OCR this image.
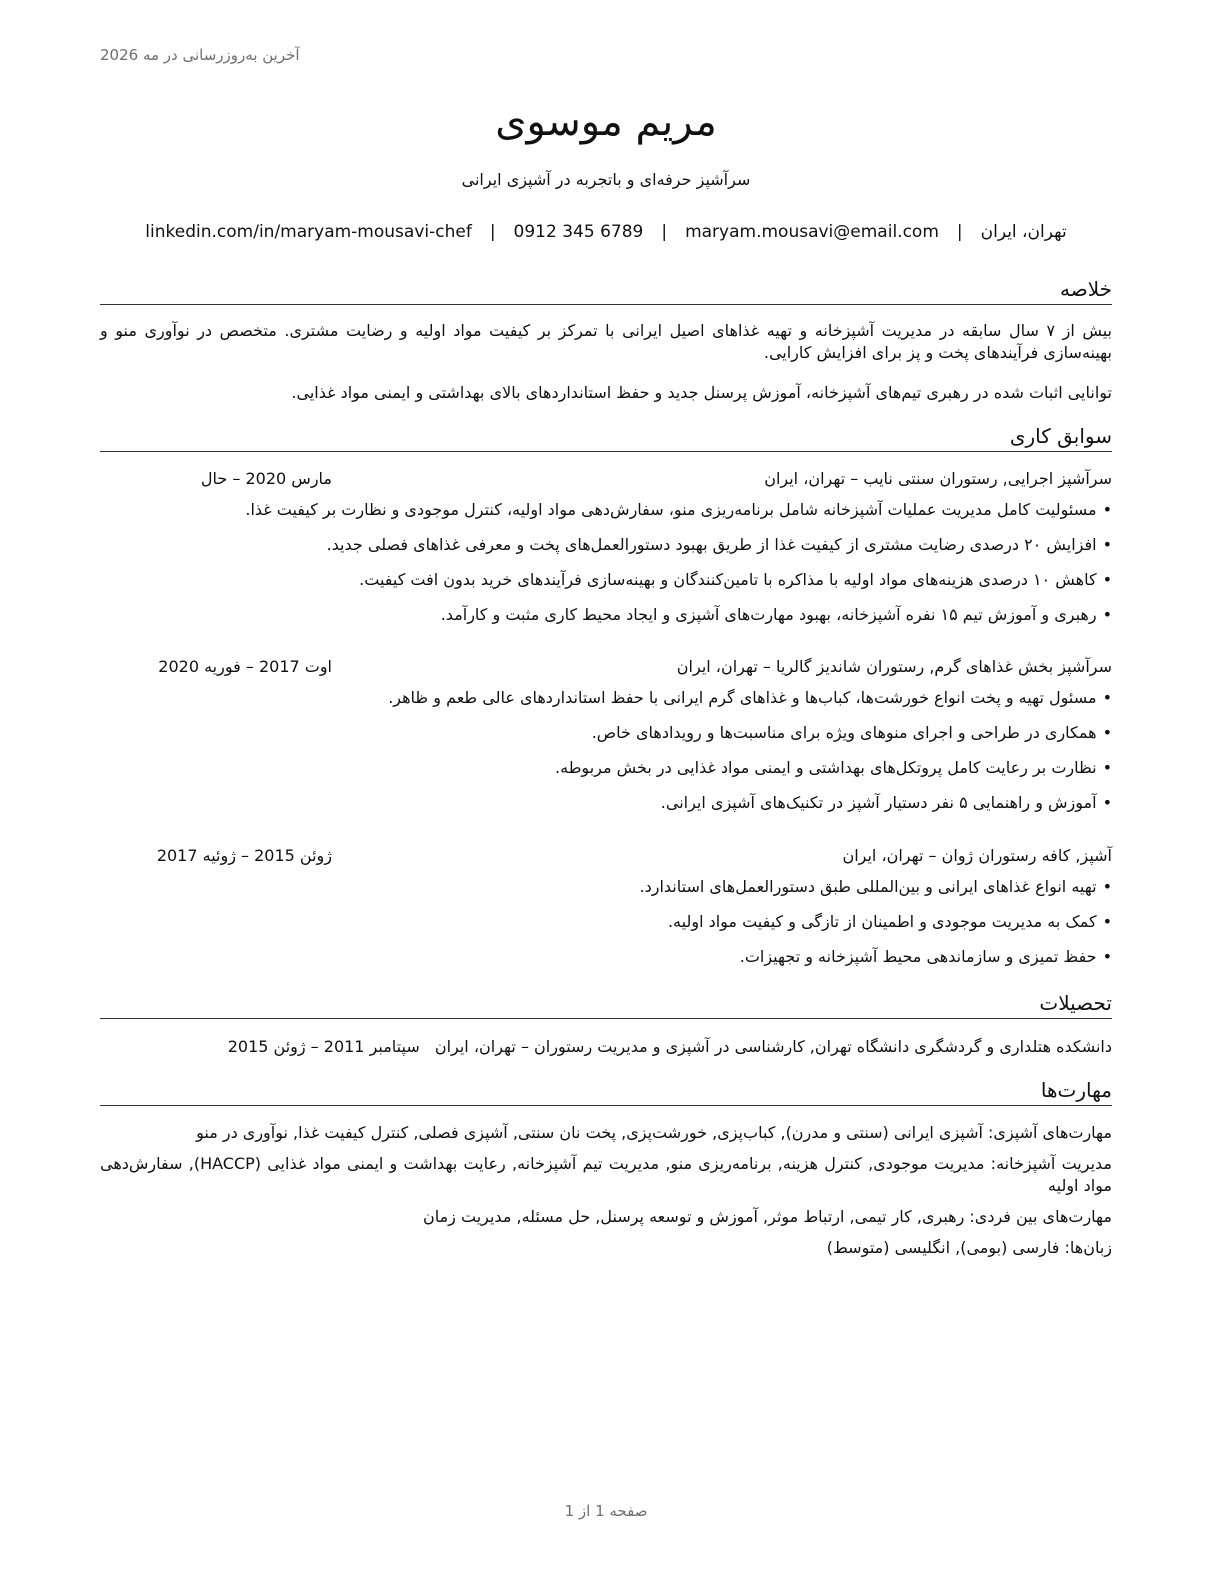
آخرین به‌روزرسانی در مه 2026
مریم موسوی
سرآشپز حرفه‌ای و باتجربه در آشپزی ایرانی
تهران، ایران
|
maryam.mousavi@email.com
|
0912 345 6789
|
linkedin.com/in/maryam-mousavi-chef
خلاصه
بیش از ۷ سال سابقه در مدیریت آشپزخانه و تهیه غذاهای اصیل ایرانی با تمرکز بر کیفیت مواد اولیه و رضایت مشتری. متخصص در نوآوری منو و بهینه‌سازی فرآیندهای پخت و پز برای افزایش کارایی.
توانایی اثبات شده در رهبری تیم‌های آشپزخانه، آموزش پرسنل جدید و حفظ استانداردهای بالای بهداشتی و ایمنی مواد غذایی.
سوابق کاری
سرآشپز اجرایی, رستوران سنتی نایب – تهران، ایران
مارس 2020 – حال
• مسئولیت کامل مدیریت عملیات آشپزخانه شامل برنامه‌ریزی منو، سفارش‌دهی مواد اولیه، کنترل موجودی و نظارت بر کیفیت غذا.
• افزایش ۲۰ درصدی رضایت مشتری از کیفیت غذا از طریق بهبود دستورالعمل‌های پخت و معرفی غذاهای فصلی جدید.
• کاهش ۱۰ درصدی هزینه‌های مواد اولیه با مذاکره با تامین‌کنندگان و بهینه‌سازی فرآیندهای خرید بدون افت کیفیت.
• رهبری و آموزش تیم ۱۵ نفره آشپزخانه، بهبود مهارت‌های آشپزی و ایجاد محیط کاری مثبت و کارآمد.
سرآشپز بخش غذاهای گرم, رستوران شاندیز گالریا – تهران، ایران
اوت 2017 – فوریه 2020
• مسئول تهیه و پخت انواع خورشت‌ها، کباب‌ها و غذاهای گرم ایرانی با حفظ استانداردهای عالی طعم و ظاهر.
• همکاری در طراحی و اجرای منوهای ویژه برای مناسبت‌ها و رویدادهای خاص.
• نظارت بر رعایت کامل پروتکل‌های بهداشتی و ایمنی مواد غذایی در بخش مربوطه.
• آموزش و راهنمایی ۵ نفر دستیار آشپز در تکنیک‌های آشپزی ایرانی.
آشپز, کافه رستوران ژوان – تهران، ایران
ژوئن 2015 – ژوئیه 2017
• تهیه انواع غذاهای ایرانی و بین‌المللی طبق دستورالعمل‌های استاندارد.
• کمک به مدیریت موجودی و اطمینان از تازگی و کیفیت مواد اولیه.
• حفظ تمیزی و سازماندهی محیط آشپزخانه و تجهیزات.
تحصیلات
دانشکده هتلداری و گردشگری دانشگاه تهران, کارشناسی در آشپزی و مدیریت رستوران – تهران، ایران سپتامبر 2011 – ژوئن 2015
مهارت‌ها
مهارت‌های آشپزی: آشپزی ایرانی (سنتی و مدرن), کباب‌پزی, خورشت‌پزی, پخت نان سنتی, آشپزی فصلی, کنترل کیفیت غذا, نوآوری در منو
مدیریت آشپزخانه: مدیریت موجودی, کنترل هزینه, برنامه‌ریزی منو, مدیریت تیم آشپزخانه, رعایت بهداشت و ایمنی مواد غذایی (HACCP), سفارش‌دهی مواد اولیه
مهارت‌های بین فردی: رهبری, کار تیمی, ارتباط موثر, آموزش و توسعه پرسنل, حل مسئله, مدیریت زمان
زبان‌ها: فارسی (بومی), انگلیسی (متوسط)
صفحه 1 از 1
